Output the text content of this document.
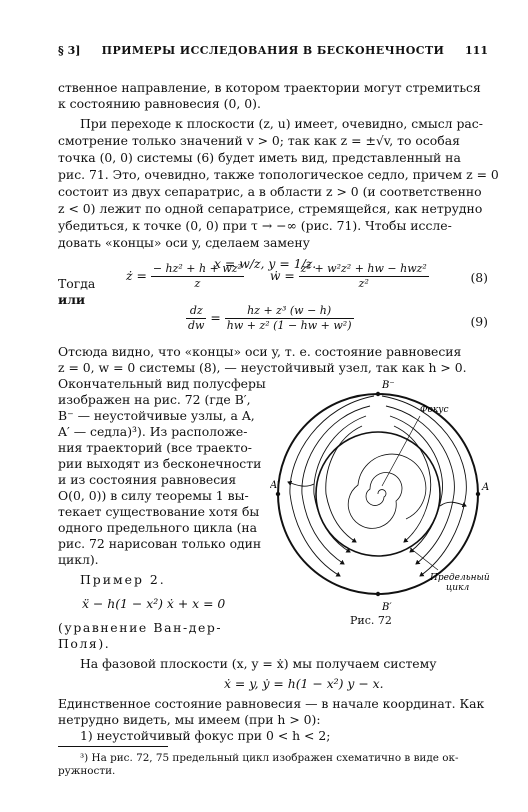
§ 3]	ПРИМЕРЫ ИССЛЕДОВАНИЯ В БЕСКОНЕЧНОСТИ	111
ственное направление, в котором траектории могут стремиться
к состоянию равновесия (0, 0).
При переходе к плоскости (z, u) имеет, очевидно, смысл рас-
смотрение только значений v > 0; так как z = ±√v, то особая
точка (0, 0) системы (6) будет иметь вид, представленный на
рис. 71. Это, очевидно, также топологическое седло, причем z = 0
состоит из двух сепаратрис, а в области z > 0 (и соответственно
z < 0) лежит по одной сепаратрисе, стремящейся, как нетрудно
убедиться, к точке (0, 0) при τ → −∞ (рис. 71). Чтобы иссле-
довать «концы» оси y, сделаем замену
x = w/z, y = 1/z.
Тогда
ż = $\frac{\text{− hz² + h + wz²}}{z}$ ẇ = $\frac{\text{z² + w²z² + hw − hwz²}}{\text{z²}}$	(8)
или
$\frac{dz}{dw} = \frac{\text{hz + z³ (w − h)}}{\text{hw + z² (1 − hw + w²)}}$	(9)
Отсюда видно, что «концы» оси y, т. е. состояние равновесия
z = 0, w = 0 системы (8), — неустойчивый узел, так как h > 0.
Окончательный вид полусферы
изображен на рис. 72 (где B′,
B⁻ — неустойчивые узлы, а A,
A′ — седла)³). Из расположе-
ния траекторий (все траекто-
рии выходят из бесконечности
и из состояния равновесия
O(0, 0)) в силу теоремы 1 вы-
текает существование хотя бы
одного предельного цикла (на
рис. 72 нарисован только один
цикл).
Пример 2.
ẍ − h(1 − x²) ẋ + x = 0
(уравнение Ван-дер-
Поля).
B⁻
B′
A′	A
Фокус
Предельный
цикл
Рис. 72
На фазовой плоскости (x, y = ẋ) мы получаем систему
ẋ = y, ẏ = h(1 − x²) y − x.
Единственное состояние равновесия — в начале координат. Как
нетрудно видеть, мы имеем (при h > 0):
1) неустойчивый фокус при 0 < h < 2;
³) На рис. 72, 75 предельный цикл изображен схематично в виде ок-
ружности.
